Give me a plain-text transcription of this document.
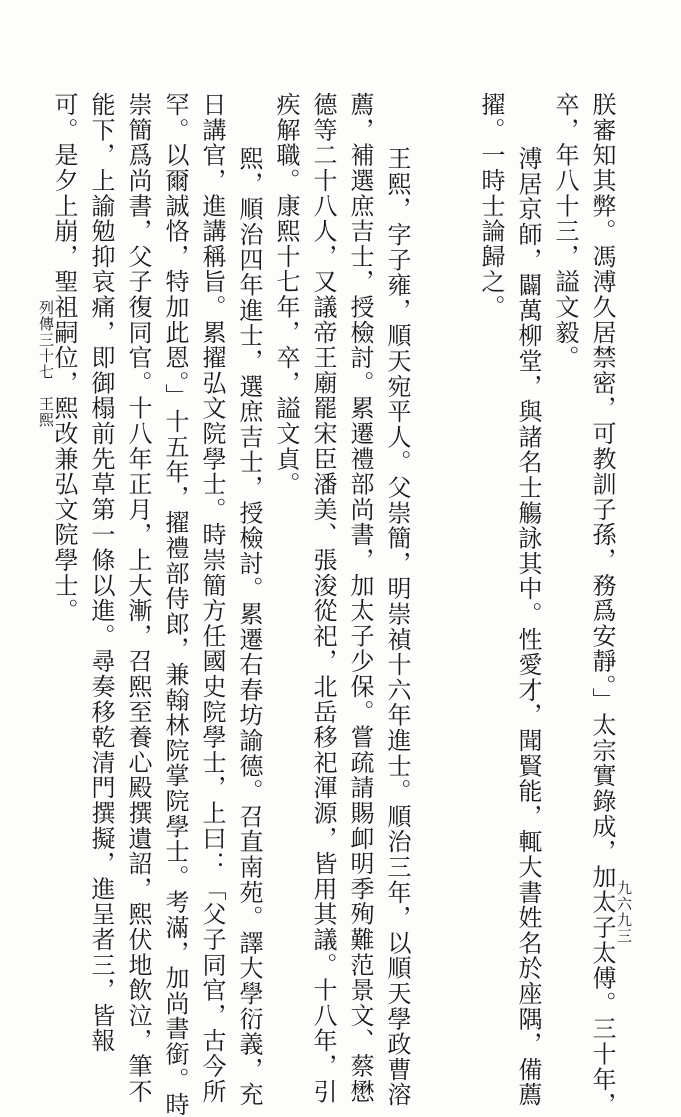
朕審知其弊。馮溥久居禁密，可教訓子孫，務爲安靜。」太宗實錄成，加太子太傅。三十年，
卒，年八十三，謚文毅。
溥居京師，闢萬柳堂，與諸名士觴詠其中。性愛才，聞賢能，輒大書姓名於座隅，備薦
擢。一時士論歸之。
王熙，字子雍，順天宛平人。父崇簡，明崇禎十六年進士。順治三年，以順天學政曹溶
薦，補選庶吉士，授檢討。累遷禮部尚書，加太子少保。嘗疏請賜卹明季殉難范景文、蔡懋
德等二十八人，又議帝王廟罷宋臣潘美、張浚從祀，北岳移祀渾源，皆用其議。十八年，引
疾解職。康熙十七年，卒，謚文貞。
熙，順治四年進士，選庶吉士，授檢討。累遷右春坊諭德。召直南苑。譯大學衍義，充
日講官，進講稱旨。累擢弘文院學士。時崇簡方任國史院學士，上曰：「父子同官，古今所
罕。以爾誠恪，特加此恩。」十五年，擢禮部侍郎，兼翰林院掌院學士。考滿，加尚書銜。時
崇簡爲尚書，父子復同官。十八年正月，上大漸，召熙至養心殿撰遺詔，熙伏地飲泣，筆不
能下，上諭勉抑哀痛，即御榻前先草第一條以進。尋奏移乾清門撰擬，進呈者三，皆報
可。是夕上崩，聖祖嗣位，熙改兼弘文院學士。
九六九三
列傳三十七　王熙
